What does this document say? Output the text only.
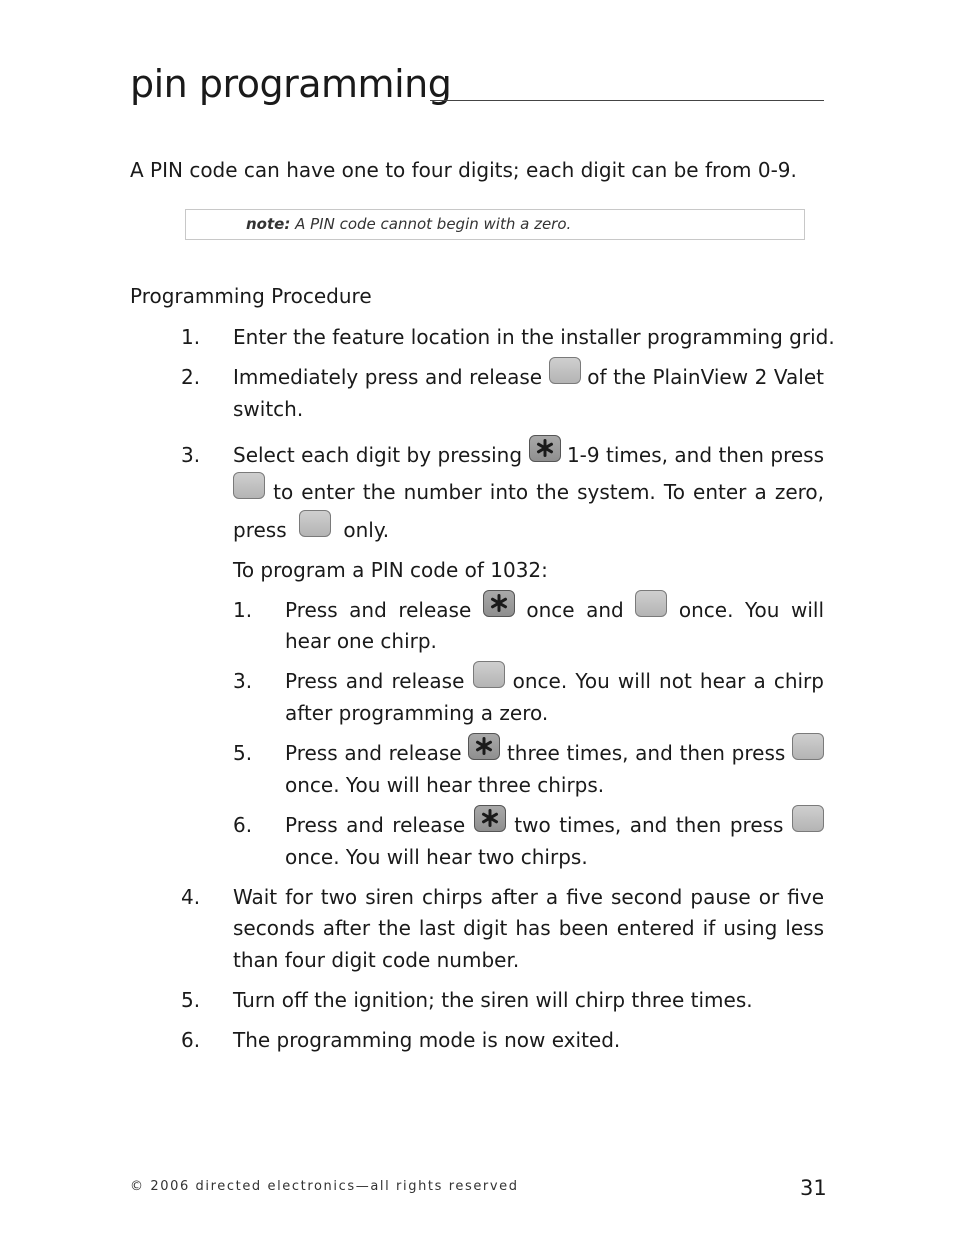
pin programming
A PIN code can have one to four digits; each digit can be from 0-9.
note: A PIN code cannot begin with a zero.
Programming Procedure
1. Enter the feature location in the installer programming grid.
2. Immediately press and release of the PlainView 2 Valet
switch.
3. Select each digit by pressing 1-9 times, and then press
to enter the number into the system. To enter a zero,
press	only.
To program a PIN code of 1032:
1. Press and release	once and	once. You will
hear one chirp.
3. Press and release once. You will not hear a chirp
after programming a zero.
5. Press and release three times, and then press
once. You will hear three chirps.
6. Press and release two times, and then press
once. You will hear two chirps.
4. Wait for two siren chirps after a five second pause or five
seconds after the last digit has been entered if using less
than four digit code number.
5. Turn off the ignition; the siren will chirp three times.
6. The programming mode is now exited.
© 2006 directed electronics—all rights reserved	31
